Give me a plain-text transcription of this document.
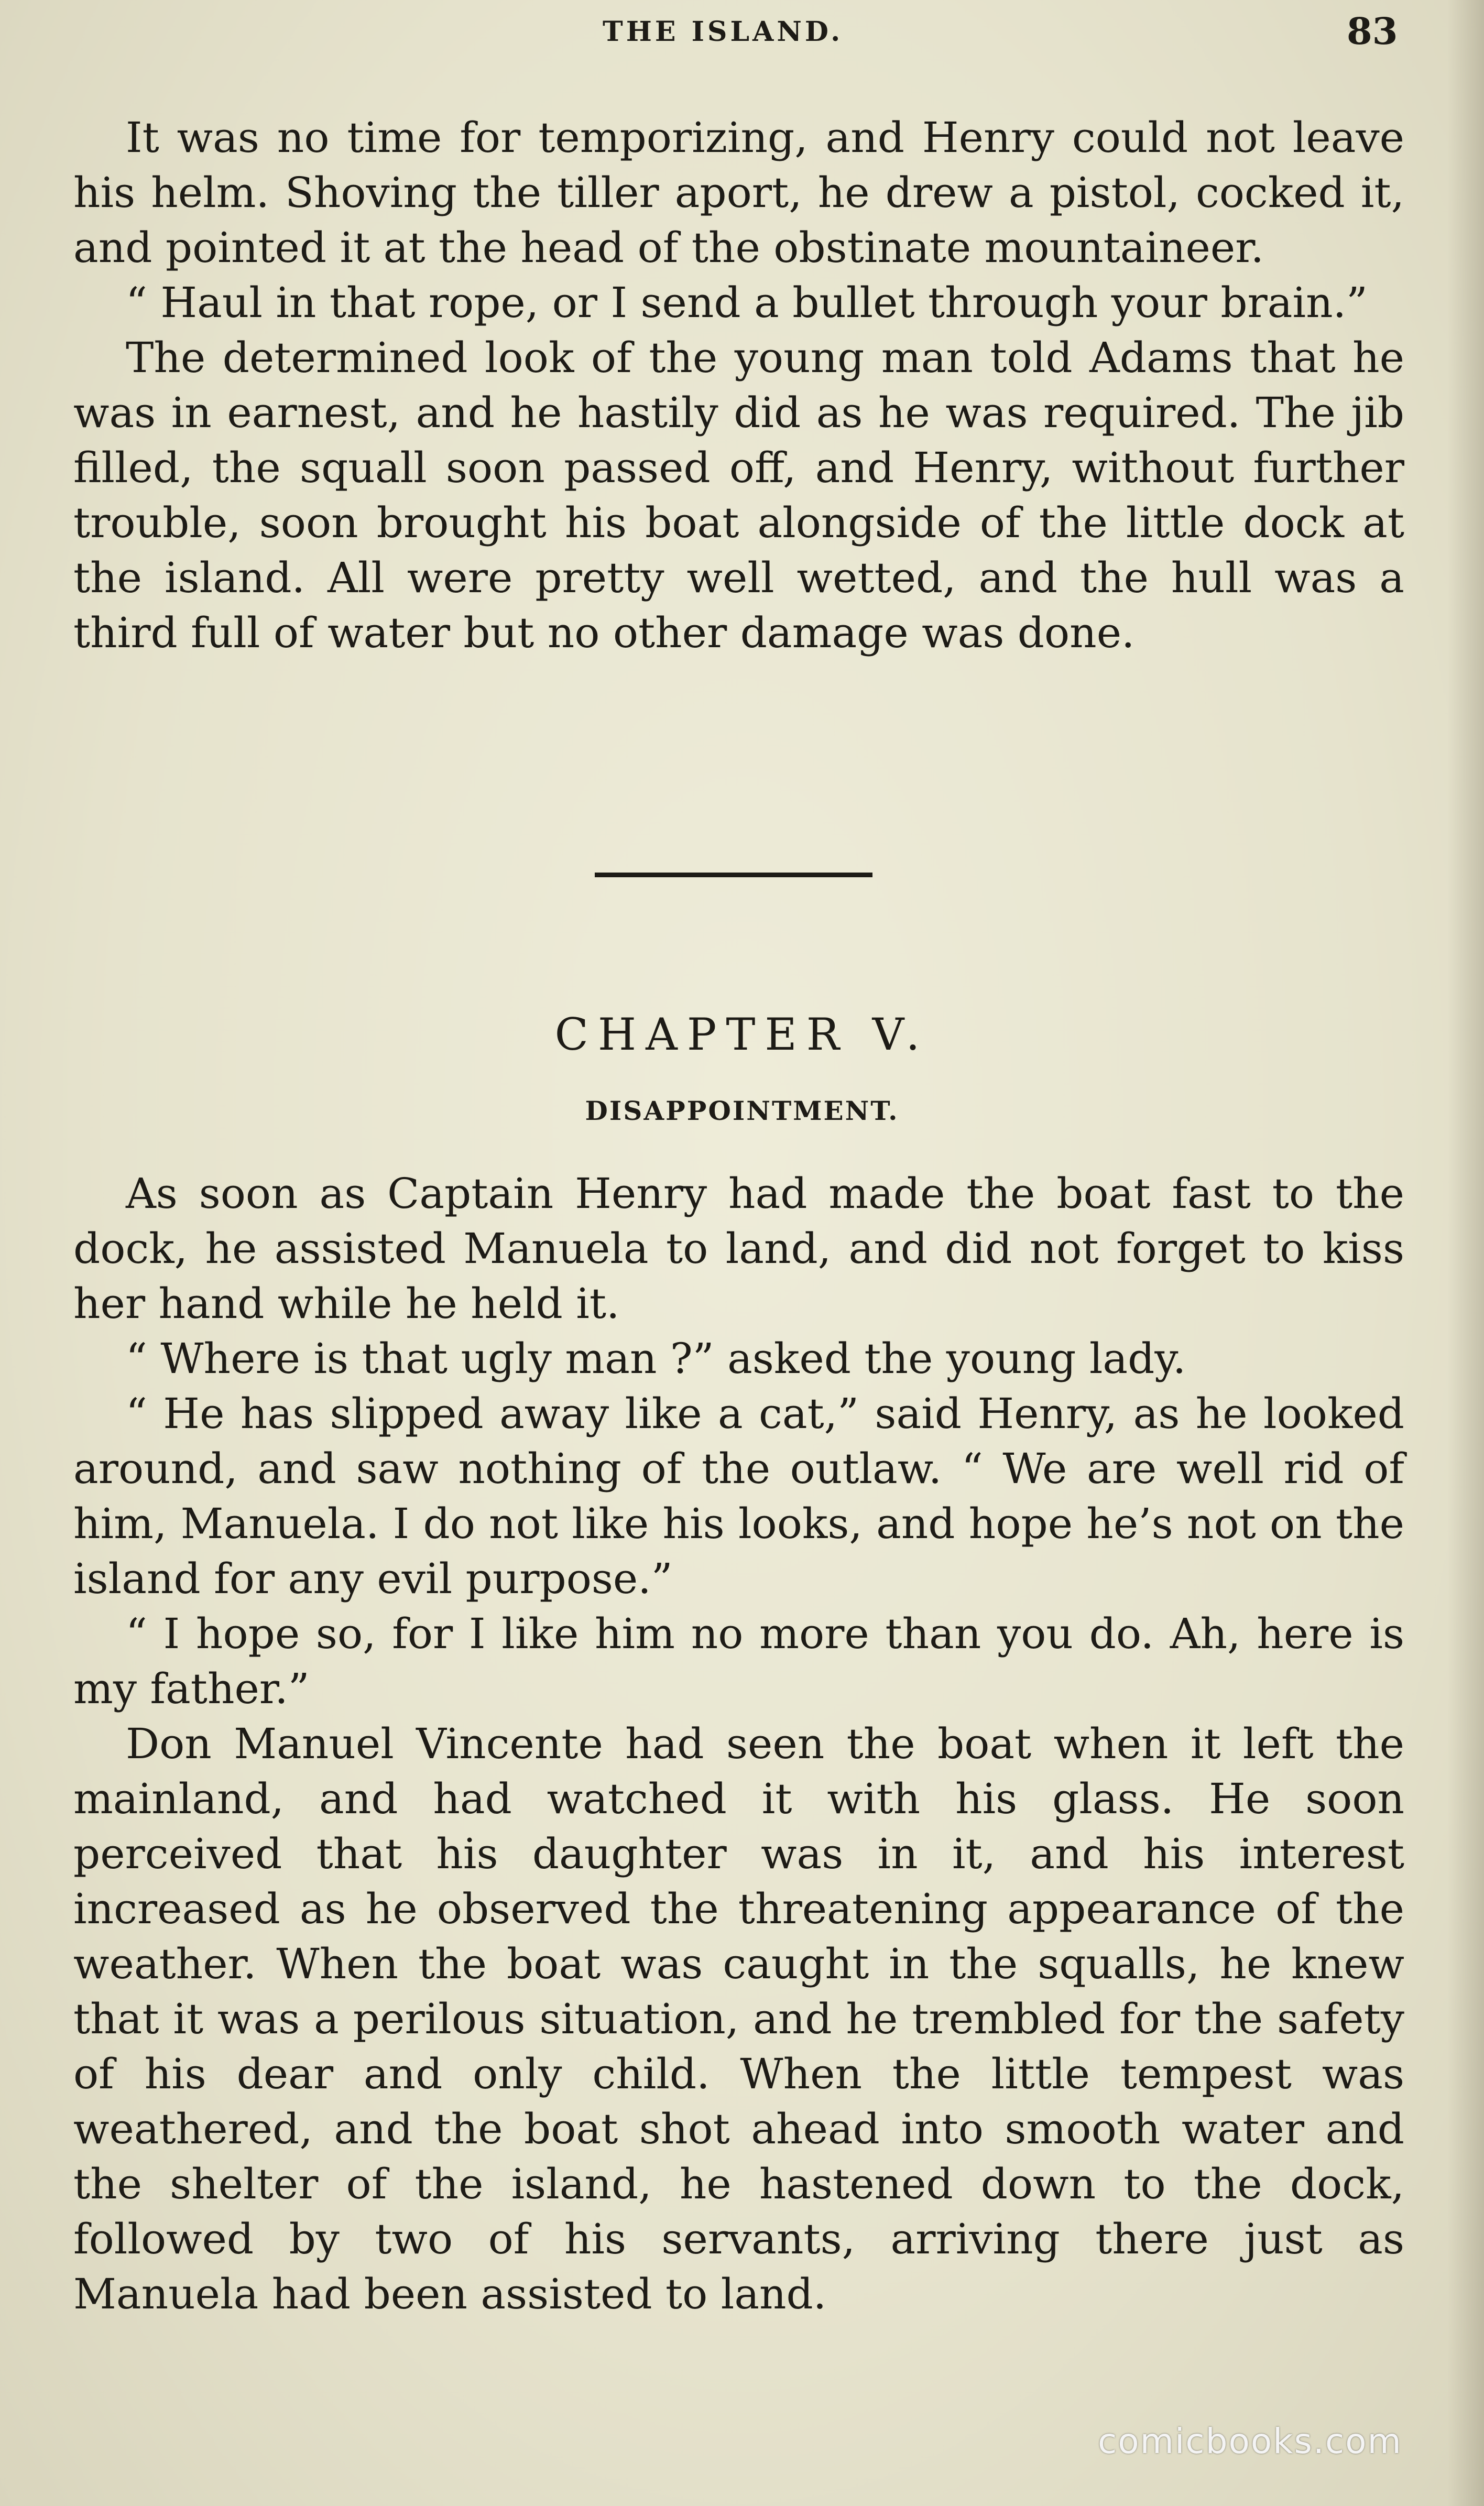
THE ISLAND.	83

It was no time for temporizing, and Henry could not leave his helm. Shoving the tiller aport, he drew a pistol, cocked it, and pointed it at the head of the obstinate mountaineer.

“ Haul in that rope, or I send a bullet through your brain.”

The determined look of the young man told Adams that he was in earnest, and he hastily did as he was required. The jib filled, the squall soon passed off, and Henry, without further trouble, soon brought his boat alongside of the little dock at the island. All were pretty well wetted, and the hull was a third full of water but no other damage was done.

CHAPTER V.
DISAPPOINTMENT.

As soon as Captain Henry had made the boat fast to the dock, he assisted Manuela to land, and did not forget to kiss her hand while he held it.

“ Where is that ugly man ?” asked the young lady.

“ He has slipped away like a cat,” said Henry, as he looked around, and saw nothing of the outlaw. “ We are well rid of him, Manuela. I do not like his looks, and hope he’s not on the island for any evil purpose.”

“ I hope so, for I like him no more than you do. Ah, here is my father.”

Don Manuel Vincente had seen the boat when it left the mainland, and had watched it with his glass. He soon perceived that his daughter was in it, and his interest increased as he observed the threatening appearance of the weather. When the boat was caught in the squalls, he knew that it was a perilous situation, and he trembled for the safety of his dear and only child. When the little tempest was weathered, and the boat shot ahead into smooth water and the shelter of the island, he hastened down to the dock, followed by two of his servants, arriving there just as Manuela had been assisted to land.

comicbooks.com
